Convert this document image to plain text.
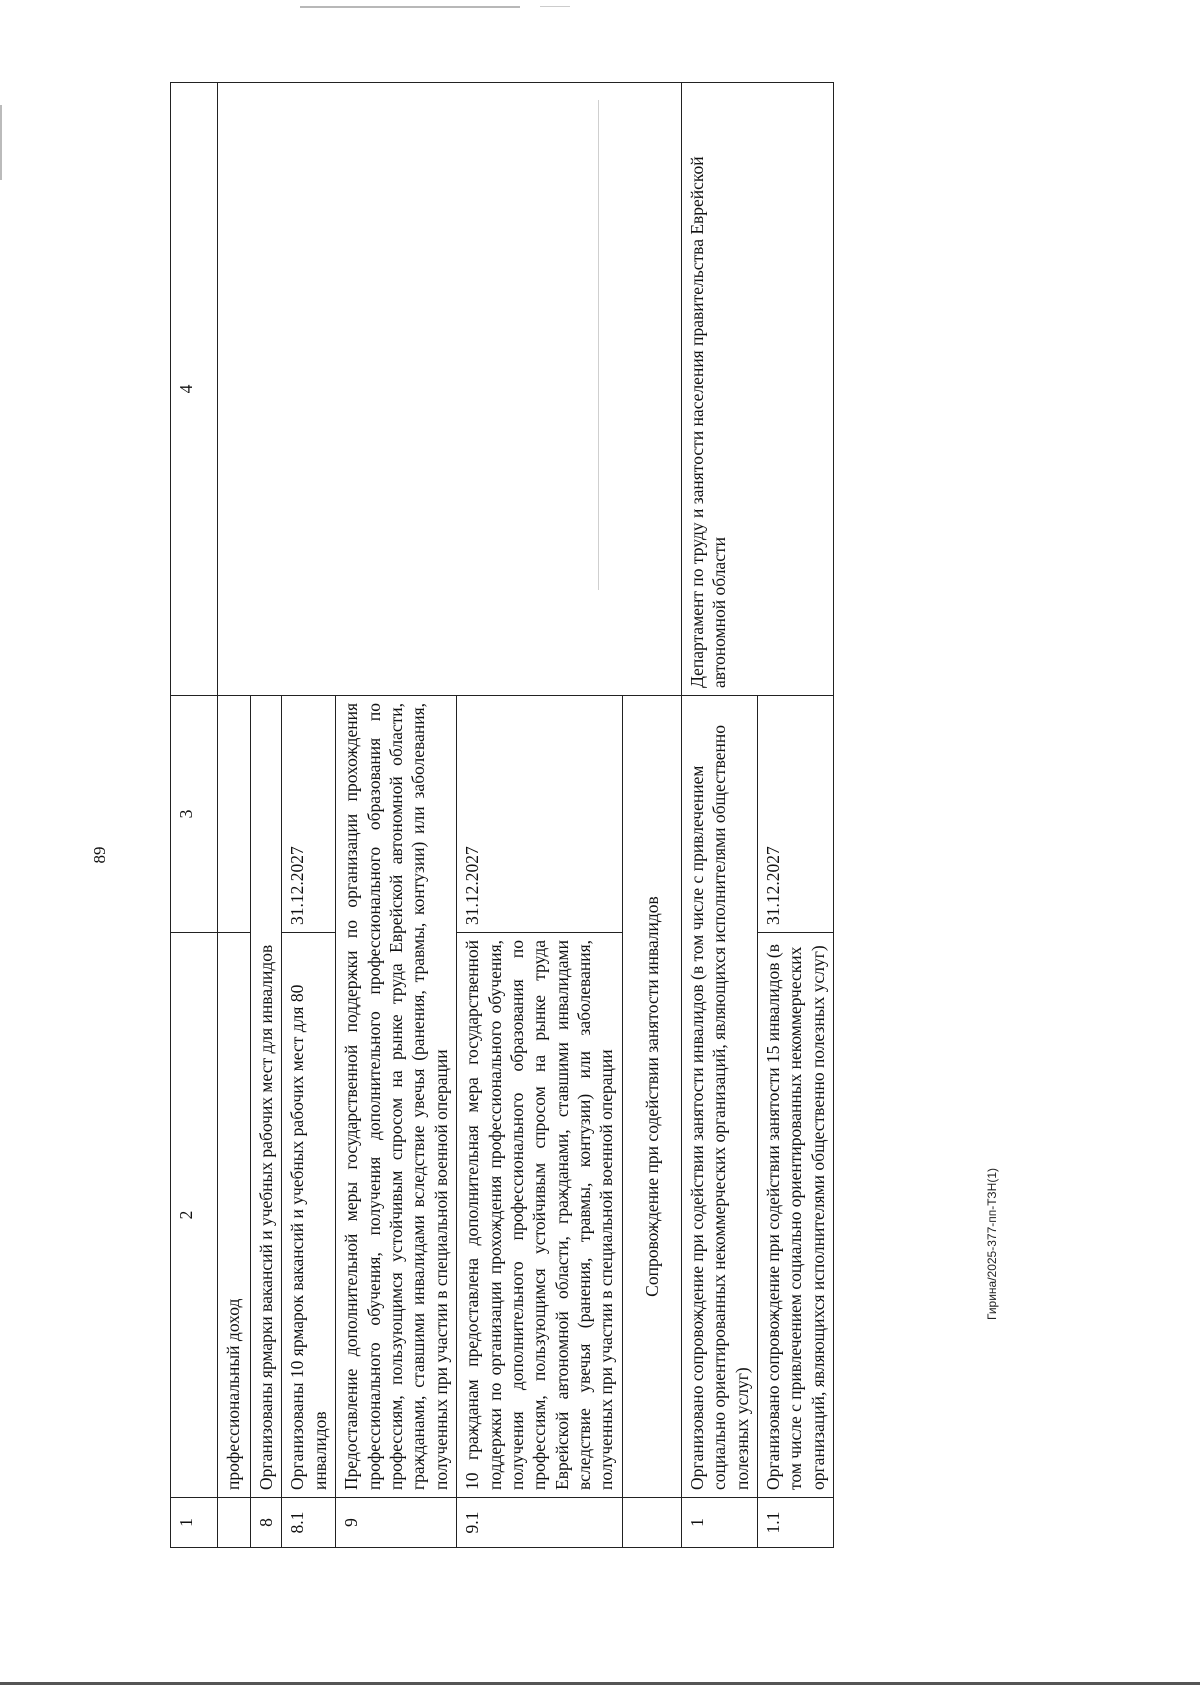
89
Гирина/2025-377-пп-ТЗН(1)
1	2	3	4
	профессиональный доход		
8	Организованы ярмарки вакансий и учебных рабочих мест для инвалидов		
8.1	Организованы 10 ярмарок вакансий и учебных рабочих мест для 80 инвалидов	31.12.2027	
9	Предоставление дополнительной меры государственной поддержки по организации прохождения профессионального обучения, получения дополнительного профессионального образования по профессиям, пользующимся устойчивым спросом на рынке труда Еврейской автономной области, гражданами, ставшими инвалидами вследствие увечья (ранения, травмы, контузии) или заболевания, полученных при участии в специальной военной операции		
9.1	10 гражданам предоставлена дополнительная мера государственной поддержки по организации прохождения профессионального обучения, получения дополнительного профессионального образования по профессиям, пользующимся устойчивым спросом на рынке труда Еврейской автономной области, гражданами, ставшими инвалидами вследствие увечья (ранения, травмы, контузии) или заболевания, полученных при участии в специальной военной операции	31.12.2027	
	Сопровождение при содействии занятости инвалидов		
1	Организовано сопровождение при содействии занятости инвалидов (в том числе с привлечением социально ориентированных некоммерческих организаций, являющихся исполнителями общественно полезных услуг)		Департамент по труду и занятости населения правительства Еврейской автономной области
1.1	Организовано сопровождение при содействии занятости 15 инвалидов (в том числе с привлечением социально ориентированных некоммерческих организаций, являющихся исполнителями общественно полезных услуг)	31.12.2027	
